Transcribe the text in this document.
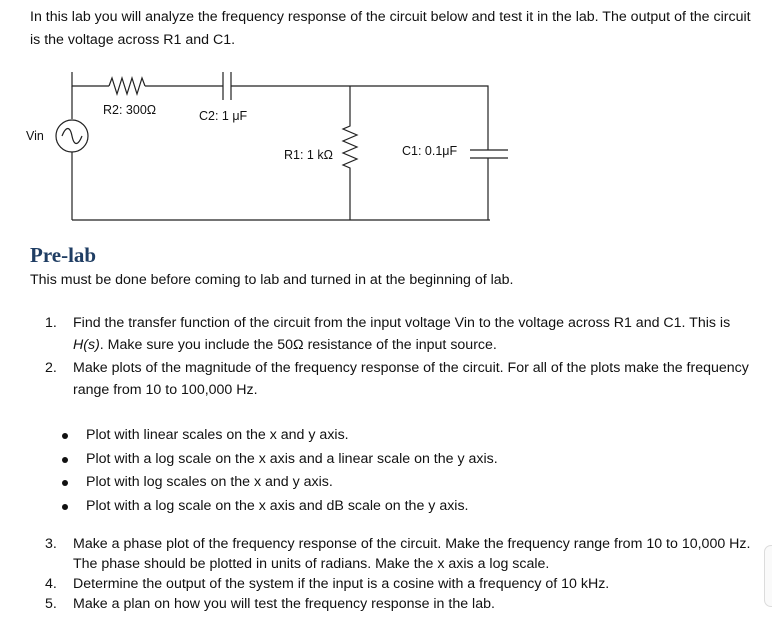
In this lab you will analyze the frequency response of the circuit below and test it in the lab. The output of the circuit is the voltage across R1 and C1.

Vin
R2: 300Ω	C2: 1 μF
R1: 1 kΩ	C1: 0.1μF
Pre-lab

This must be done before coming to lab and turned in at the beginning of lab.

1. Find the transfer function of the circuit from the input voltage Vin to the voltage across R1 and C1. This is H(s). Make sure you include the 50Ω resistance of the input source.
2. Make plots of the magnitude of the frequency response of the circuit. For all of the plots make the frequency range from 10 to 100,000 Hz.
Plot with linear scales on the x and y axis.
Plot with a log scale on the x axis and a linear scale on the y axis.
Plot with log scales on the x and y axis.
Plot with a log scale on the x axis and dB scale on the y axis.
3. Make a phase plot of the frequency response of the circuit. Make the frequency range from 10 to 10,000 Hz. The phase should be plotted in units of radians. Make the x axis a log scale.
4. Determine the output of the system if the input is a cosine with a frequency of 10 kHz.
5. Make a plan on how you will test the frequency response in the lab.
